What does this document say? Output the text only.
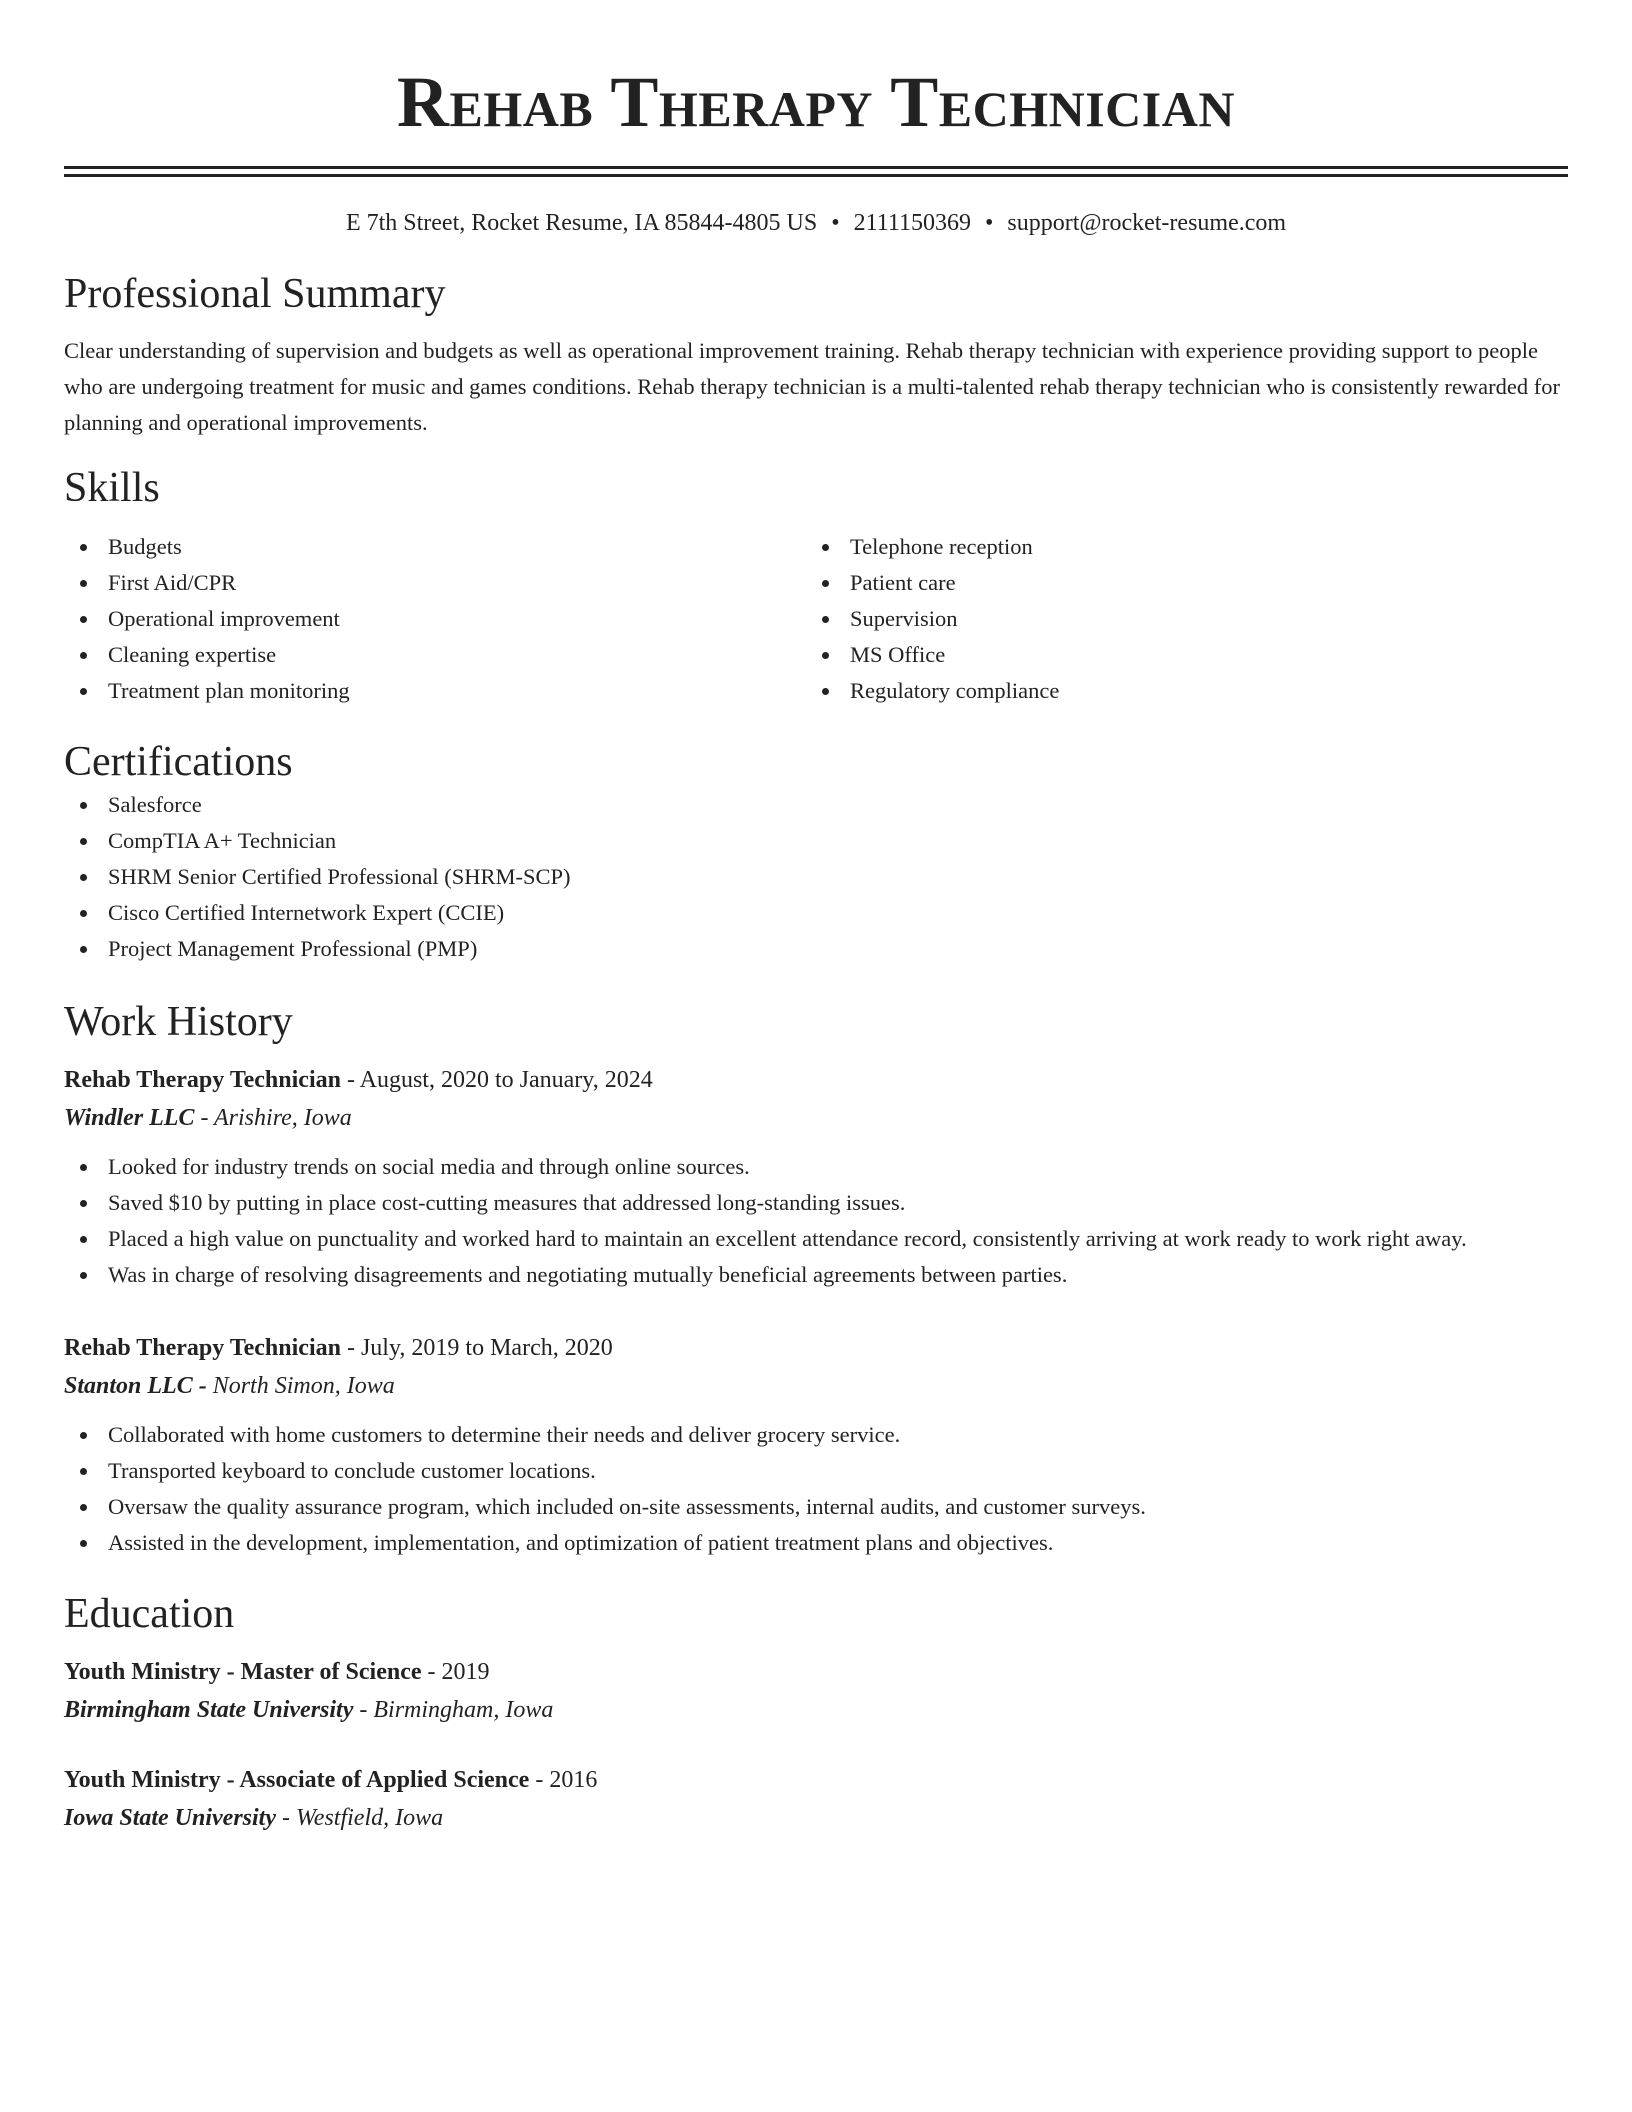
Rehab Therapy Technician
E 7th Street, Rocket Resume, IA 85844-4805 US • 2111150369 • support@rocket-resume.com
Professional Summary
Clear understanding of supervision and budgets as well as operational improvement training. Rehab therapy technician with experience providing support to people who are undergoing treatment for music and games conditions. Rehab therapy technician is a multi-talented rehab therapy technician who is consistently rewarded for planning and operational improvements.
Skills
Budgets
First Aid/CPR
Operational improvement
Cleaning expertise
Treatment plan monitoring
Telephone reception
Patient care
Supervision
MS Office
Regulatory compliance
Certifications
Salesforce
CompTIA A+ Technician
SHRM Senior Certified Professional (SHRM-SCP)
Cisco Certified Internetwork Expert (CCIE)
Project Management Professional (PMP)
Work History
Rehab Therapy Technician - August, 2020 to January, 2024
Windler LLC - Arishire, Iowa
Looked for industry trends on social media and through online sources.
Saved $10 by putting in place cost-cutting measures that addressed long-standing issues.
Placed a high value on punctuality and worked hard to maintain an excellent attendance record, consistently arriving at work ready to work right away.
Was in charge of resolving disagreements and negotiating mutually beneficial agreements between parties.
Rehab Therapy Technician - July, 2019 to March, 2020
Stanton LLC - North Simon, Iowa
Collaborated with home customers to determine their needs and deliver grocery service.
Transported keyboard to conclude customer locations.
Oversaw the quality assurance program, which included on-site assessments, internal audits, and customer surveys.
Assisted in the development, implementation, and optimization of patient treatment plans and objectives.
Education
Youth Ministry - Master of Science - 2019
Birmingham State University - Birmingham, Iowa
Youth Ministry - Associate of Applied Science - 2016
Iowa State University - Westfield, Iowa
